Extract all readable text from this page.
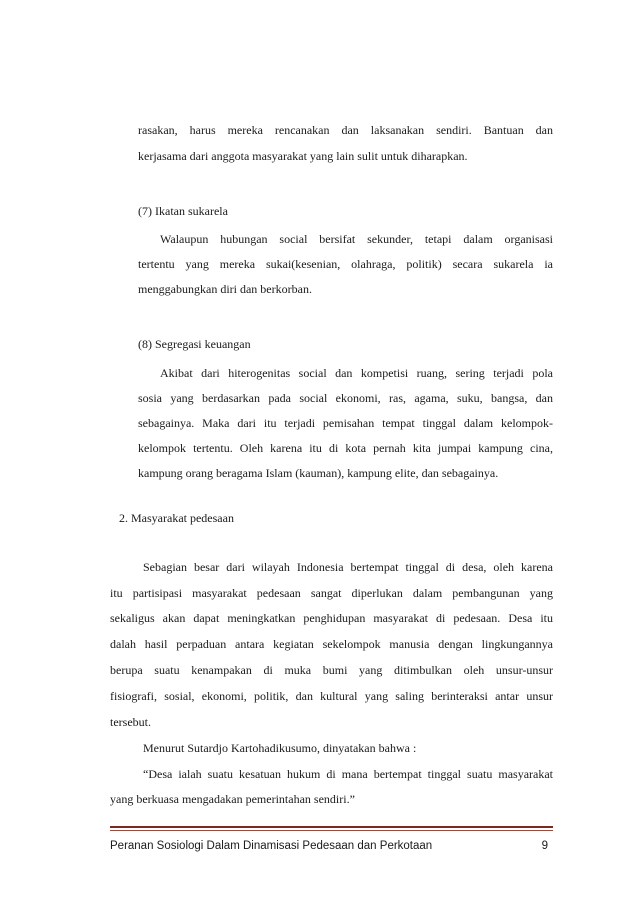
rasakan, harus mereka rencanakan dan laksanakan sendiri. Bantuan dan
kerjasama dari anggota masyarakat yang lain sulit untuk diharapkan.
(7) Ikatan sukarela
Walaupun hubungan social bersifat sekunder, tetapi dalam organisasi
tertentu yang mereka sukai(kesenian, olahraga, politik) secara sukarela ia
menggabungkan diri dan berkorban.
(8) Segregasi keuangan
Akibat dari hiterogenitas social dan kompetisi ruang, sering terjadi pola
sosia yang berdasarkan pada social ekonomi, ras, agama, suku, bangsa, dan
sebagainya. Maka dari itu terjadi pemisahan tempat tinggal dalam kelompok-
kelompok tertentu. Oleh karena itu di kota pernah kita jumpai kampung cina,
kampung orang beragama Islam (kauman), kampung elite, dan sebagainya.
2. Masyarakat pedesaan
Sebagian besar dari wilayah Indonesia bertempat tinggal di desa, oleh karena
itu partisipasi masyarakat pedesaan sangat diperlukan dalam pembangunan yang
sekaligus akan dapat meningkatkan penghidupan masyarakat di pedesaan. Desa itu
dalah hasil perpaduan antara kegiatan sekelompok manusia dengan lingkungannya
berupa suatu kenampakan di muka bumi yang ditimbulkan oleh unsur-unsur
fisiografi, sosial, ekonomi, politik, dan kultural yang saling berinteraksi antar unsur
tersebut.
Menurut Sutardjo Kartohadikusumo, dinyatakan bahwa :
“Desa ialah suatu kesatuan hukum di mana bertempat tinggal suatu masyarakat
yang berkuasa mengadakan pemerintahan sendiri.”
Peranan Sosiologi Dalam Dinamisasi Pedesaan dan Perkotaan	9
